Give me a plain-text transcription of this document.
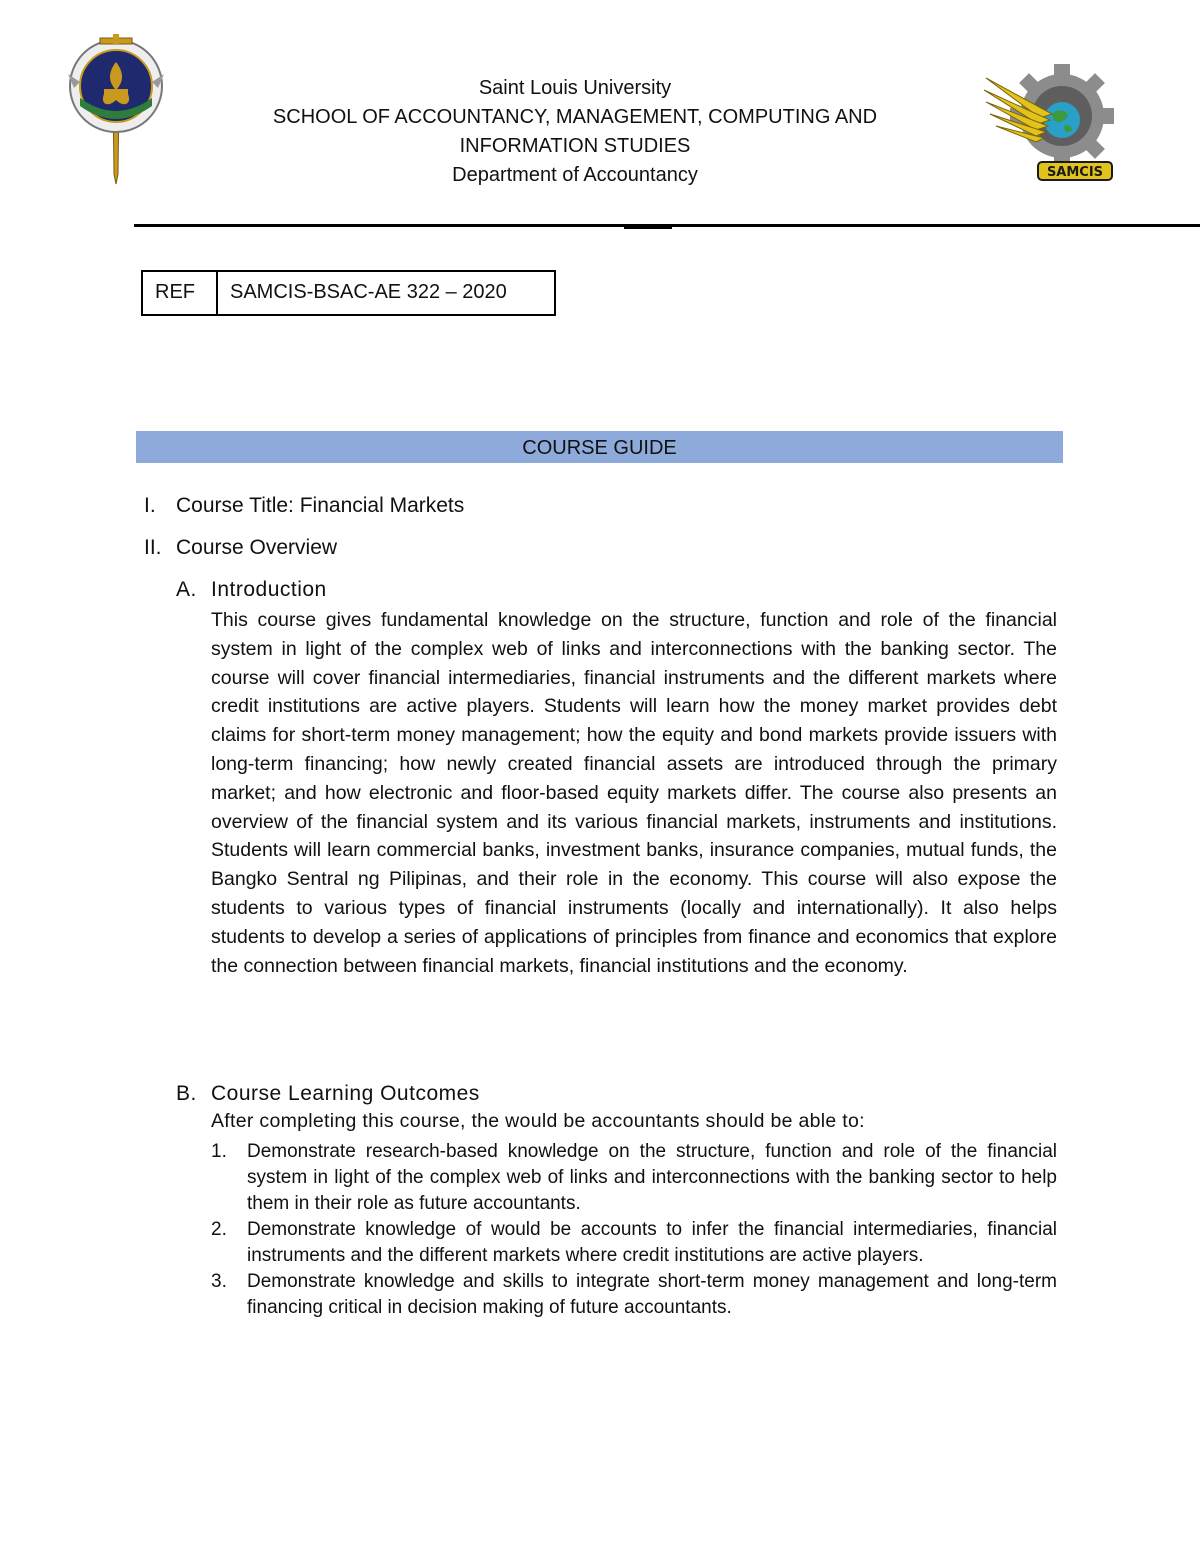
SAMCIS
Saint Louis University
SCHOOL OF ACCOUNTANCY, MANAGEMENT, COMPUTING AND
INFORMATION STUDIES
Department of Accountancy
REF	SAMCIS-BSAC-AE 322 – 2020
COURSE GUIDE
I. Course Title: Financial Markets
II. Course Overview
A. Introduction

This course gives fundamental knowledge on the structure, function and role of the financial system in light of the complex web of links and interconnections with the banking sector. The course will cover financial intermediaries, financial instruments and the different markets where credit institutions are active players. Students will learn how the money market provides debt claims for short-term money management; how the equity and bond markets provide issuers with long-term financing; how newly created financial assets are introduced through the primary market; and how electronic and floor-based equity markets differ. The course also presents an overview of the financial system and its various financial markets, instruments and institutions. Students will learn commercial banks, investment banks, insurance companies, mutual funds, the Bangko Sentral ng Pilipinas, and their role in the economy. This course will also expose the students to various types of financial instruments (locally and internationally). It also helps students to develop a series of applications of principles from finance and economics that explore the connection between financial markets, financial institutions and the economy.

B. Course Learning Outcomes
After completing this course, the would be accountants should be able to:
1.	Demonstrate research-based knowledge on the structure, function and role of the financial system in light of the complex web of links and interconnections with the banking sector to help them in their role as future accountants.
2.	Demonstrate knowledge of would be accounts to infer the financial intermediaries, financial instruments and the different markets where credit institutions are active players.
3.	Demonstrate knowledge and skills to integrate short-term money management and long-term financing critical in decision making of future accountants.
